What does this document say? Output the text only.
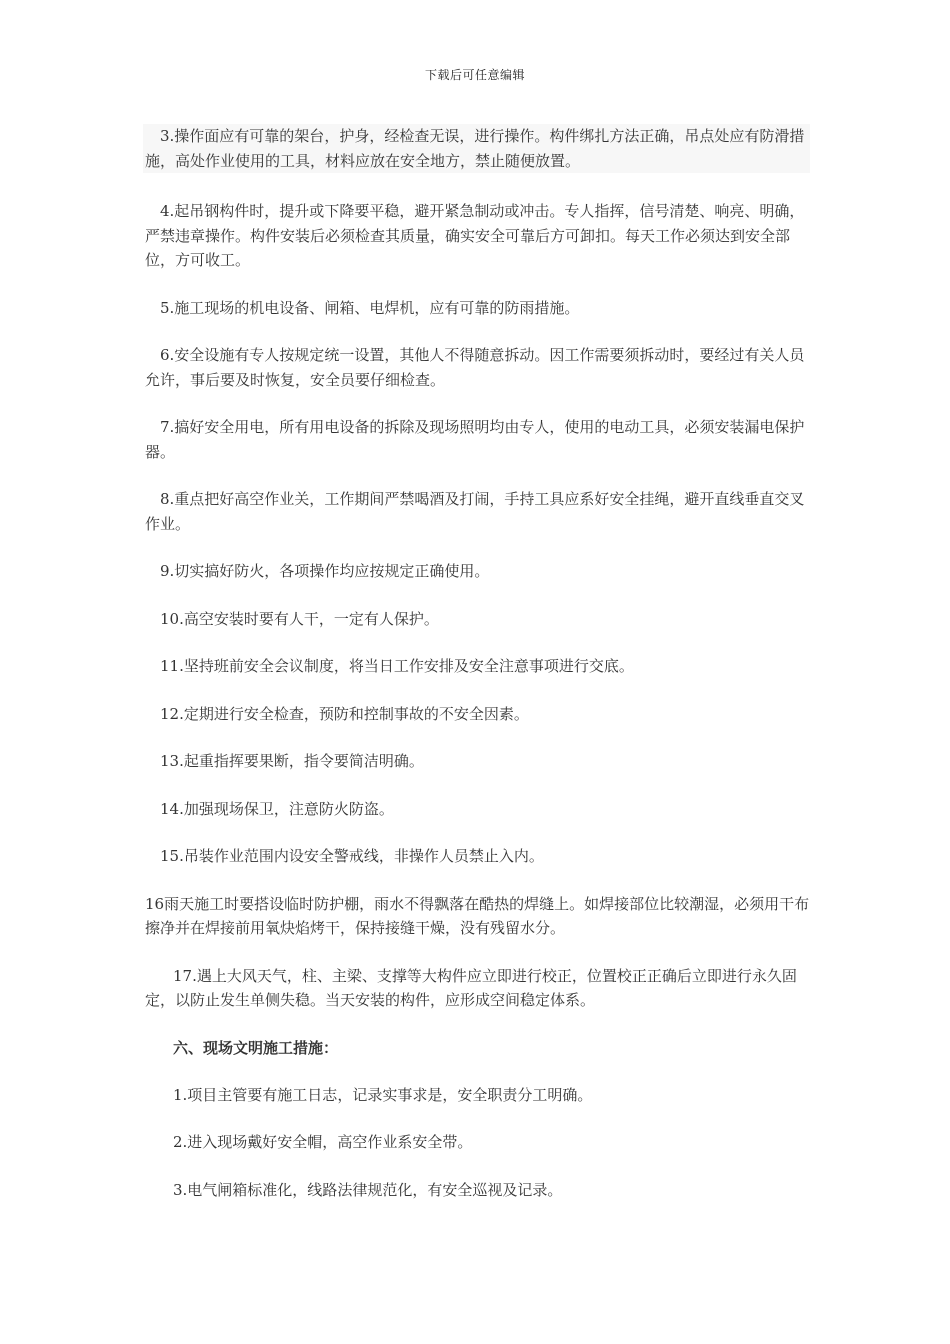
下载后可任意编辑

3.操作面应有可靠的架台，护身，经检查无误，进行操作。构件绑扎方法正确，吊点处应有防滑措施，高处作业使用的工具，材料应放在安全地方，禁止随便放置。

4.起吊钢构件时，提升或下降要平稳，避开紧急制动或冲击。专人指挥，信号清楚、响亮、明确，严禁违章操作。构件安装后必须检查其质量，确实安全可靠后方可卸扣。每天工作必须达到安全部位，方可收工。

5.施工现场的机电设备、闸箱、电焊机，应有可靠的防雨措施。

6.安全设施有专人按规定统一设置，其他人不得随意拆动。因工作需要须拆动时，要经过有关人员允许，事后要及时恢复，安全员要仔细检查。

7.搞好安全用电，所有用电设备的拆除及现场照明均由专人，使用的电动工具，必须安装漏电保护器。

8.重点把好高空作业关，工作期间严禁喝酒及打闹，手持工具应系好安全挂绳，避开直线垂直交叉作业。

9.切实搞好防火，各项操作均应按规定正确使用。

10.高空安装时要有人干，一定有人保护。

11.坚持班前安全会议制度，将当日工作安排及安全注意事项进行交底。

12.定期进行安全检查，预防和控制事故的不安全因素。

13.起重指挥要果断，指令要简洁明确。

14.加强现场保卫，注意防火防盗。

15.吊装作业范围内设安全警戒线，非操作人员禁止入内。

16雨天施工时要搭设临时防护棚，雨水不得飘落在酷热的焊缝上。如焊接部位比较潮湿，必须用干布擦净并在焊接前用氧炔焰烤干，保持接缝干燥，没有残留水分。

17.遇上大风天气，柱、主梁、支撑等大构件应立即进行校正，位置校正正确后立即进行永久固定，以防止发生单侧失稳。当天安装的构件，应形成空间稳定体系。

六、现场文明施工措施：

1.项目主管要有施工日志，记录实事求是，安全职责分工明确。

2.进入现场戴好安全帽，高空作业系安全带。

3.电气闸箱标准化，线路法律规范化，有安全巡视及记录。
